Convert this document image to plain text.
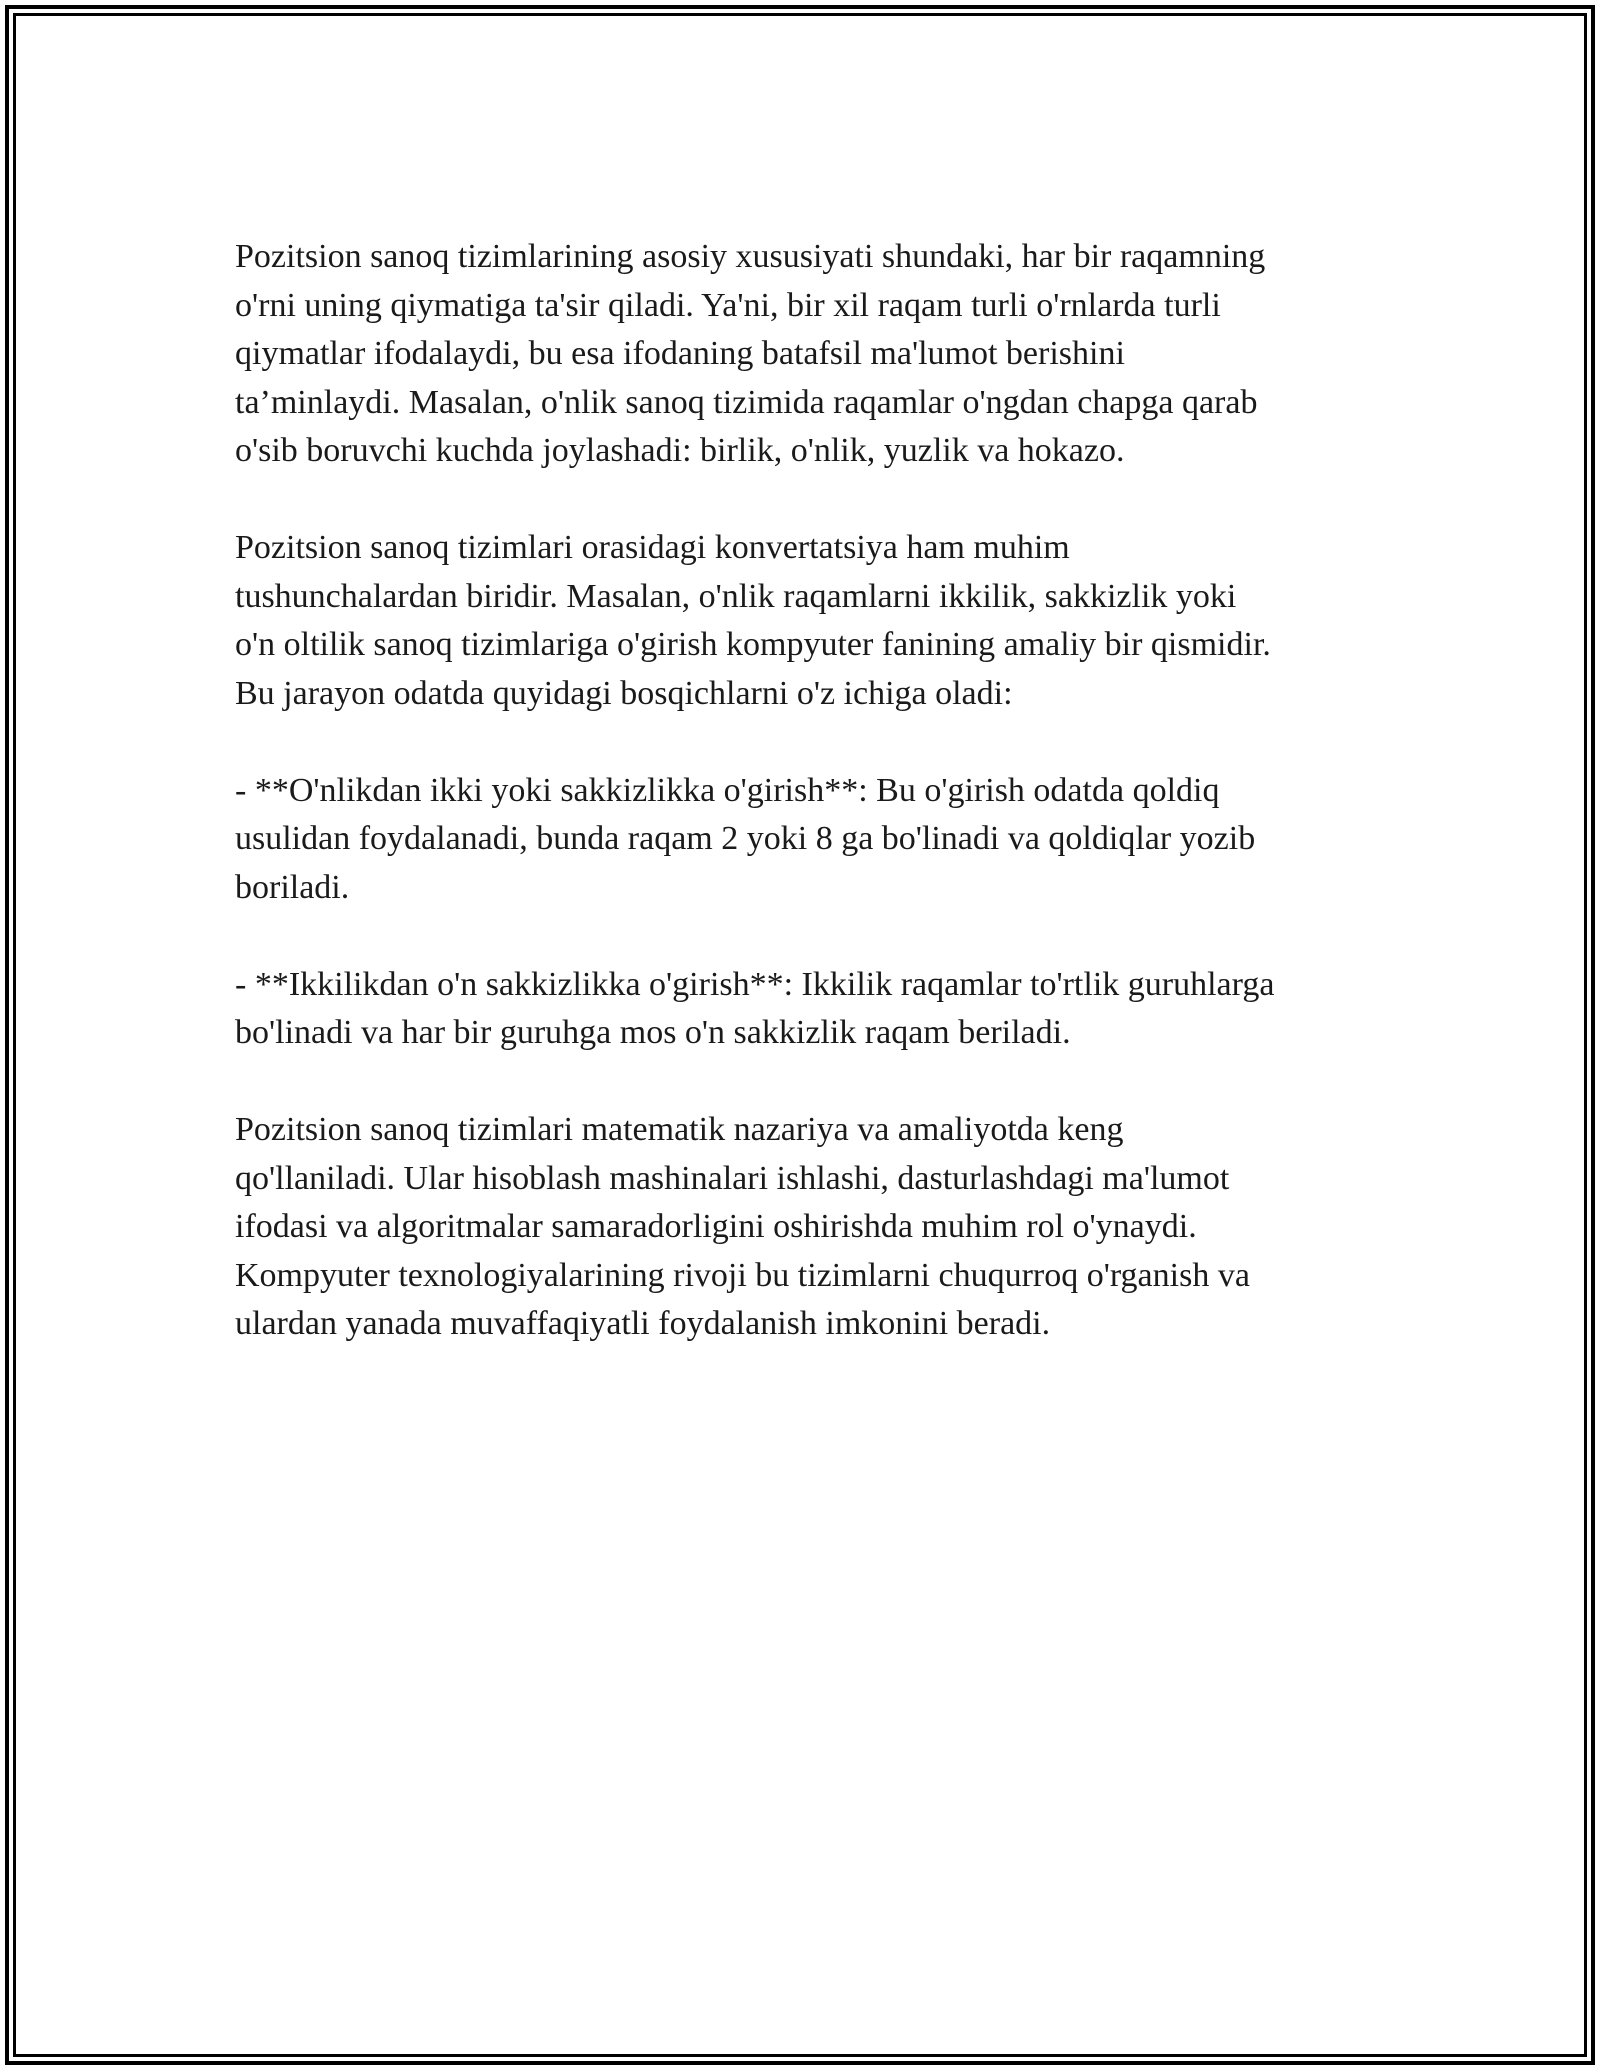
Pozitsion sanoq tizimlarining asosiy xususiyati shundaki, har bir raqamning
o'rni uning qiymatiga ta'sir qiladi. Ya'ni, bir xil raqam turli o'rnlarda turli
qiymatlar ifodalaydi, bu esa ifodaning batafsil ma'lumot berishini
ta’minlaydi. Masalan, o'nlik sanoq tizimida raqamlar o'ngdan chapga qarab
o'sib boruvchi kuchda joylashadi: birlik, o'nlik, yuzlik va hokazo.

Pozitsion sanoq tizimlari orasidagi konvertatsiya ham muhim
tushunchalardan biridir. Masalan, o'nlik raqamlarni ikkilik, sakkizlik yoki
o'n oltilik sanoq tizimlariga o'girish kompyuter fanining amaliy bir qismidir.
Bu jarayon odatda quyidagi bosqichlarni o'z ichiga oladi:

- **O'nlikdan ikki yoki sakkizlikka o'girish**: Bu o'girish odatda qoldiq
usulidan foydalanadi, bunda raqam 2 yoki 8 ga bo'linadi va qoldiqlar yozib
boriladi.

- **Ikkilikdan o'n sakkizlikka o'girish**: Ikkilik raqamlar to'rtlik guruhlarga
bo'linadi va har bir guruhga mos o'n sakkizlik raqam beriladi.

Pozitsion sanoq tizimlari matematik nazariya va amaliyotda keng
qo'llaniladi. Ular hisoblash mashinalari ishlashi, dasturlashdagi ma'lumot
ifodasi va algoritmalar samaradorligini oshirishda muhim rol o'ynaydi.
Kompyuter texnologiyalarining rivoji bu tizimlarni chuqurroq o'rganish va
ulardan yanada muvaffaqiyatli foydalanish imkonini beradi.
